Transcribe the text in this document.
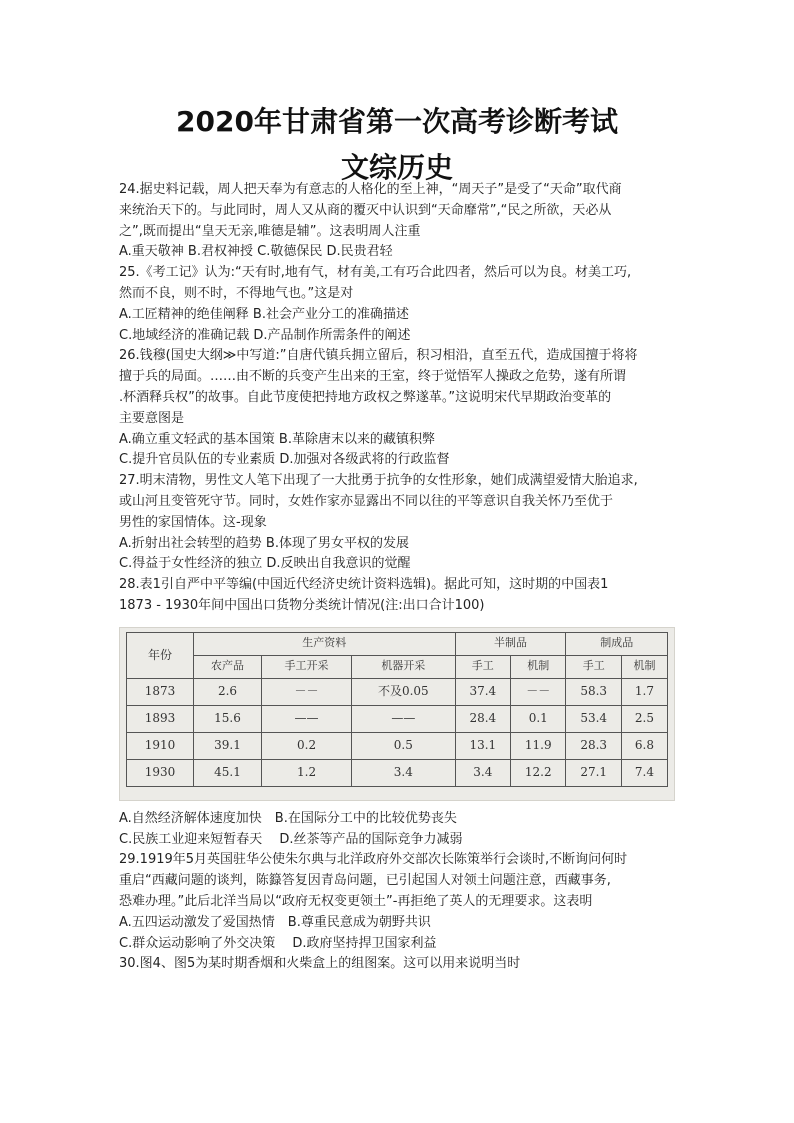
2020年甘肃省第一次高考诊断考试
文综历史

24.据史料记载，周人把天奉为有意志的人格化的至上神，“周天子”是受了“天命”取代商

来统治天下的。与此同时，周人又从商的覆灭中认识到“天命靡常”,“民之所欲，天必从

之”,既而提出“皇天无亲,唯德是辅”。这表明周人注重

A.重天敬神 B.君权神授 C.敬德保民 D.民贵君轻

25.《考工记》认为:“天有时,地有气，材有美,工有巧合此四者，然后可以为良。材美工巧,

然而不良，则不时，不得地气也。”这是对

A.工匠精神的绝佳阐释 B.社会产业分工的准确描述

C.地域经济的准确记载 D.产品制作所需条件的阐述

26.钱穆(国史大纲≫中写道:”自唐代镇兵拥立留后，积习相沿，直至五代，造成国擅于将将

擅于兵的局面。……由不断的兵变产生出来的王室，终于觉悟军人操政之危势，遂有所谓

.杯酒释兵权”的故事。自此节度使把持地方政权之弊遂革。”这说明宋代早期政治变革的

主要意图是

A.确立重文轻武的基本国策 B.革除唐末以来的藏镇积弊

C.提升官员队伍的专业素质 D.加强对各级武将的行政监督

27.明末清物，男性文人笔下出现了一大批勇于抗争的女性形象，她们成满望爱情大胎追求,

或山河且变管死守节。同时，女姓作家亦显露出不同以往的平等意识自我关怀乃至优于

男性的家国情体。这-现象

A.折射出社会转型的趋势 B.体现了男女平权的发展

C.得益于女性经济的独立 D.反映出自我意识的觉醒

28.表1引自严中平等编(中国近代经济史统计资料选辑)。据此可知，这时期的中国表1

1873 - 1930年间中国出口货物分类统计情况(注:出口合计100)

年份	生产资料			半制品		制成品	
	农产品	手工开采	机器开采	手工	机制	手工	机制
1873	2.6	－－	不及0.05	37.4	－－	58.3	1.7
1893	15.6	——	——	28.4	0.1	53.4	2.5
1910	39.1	0.2	0.5	13.1	11.9	28.3	6.8
1930	45.1	1.2	3.4	3.4	12.2	27.1	7.4

A.自然经济解体速度加快　B.在国际分工中的比较优势丧失

C.民族工业迎来短暂春天　 D.丝茶等产品的国际竞争力减弱

29.1919年5月英国驻华公使朱尔典与北洋政府外交部次长陈策举行会谈时,不断询问何时

重启“西藏问题的谈判，陈籙答复因青岛问题，已引起国人对领土问题注意，西藏事务,

恐难办理。”此后北洋当局以“政府无权变更领土”-再拒绝了英人的无理要求。这表明

A.五四运动激发了爱国热情　B.尊重民意成为朝野共识

C.群众运动影响了外交决策　 D.政府坚持捍卫国家利益

30.图4、图5为某时期香烟和火柴盒上的组图案。这可以用来说明当时
